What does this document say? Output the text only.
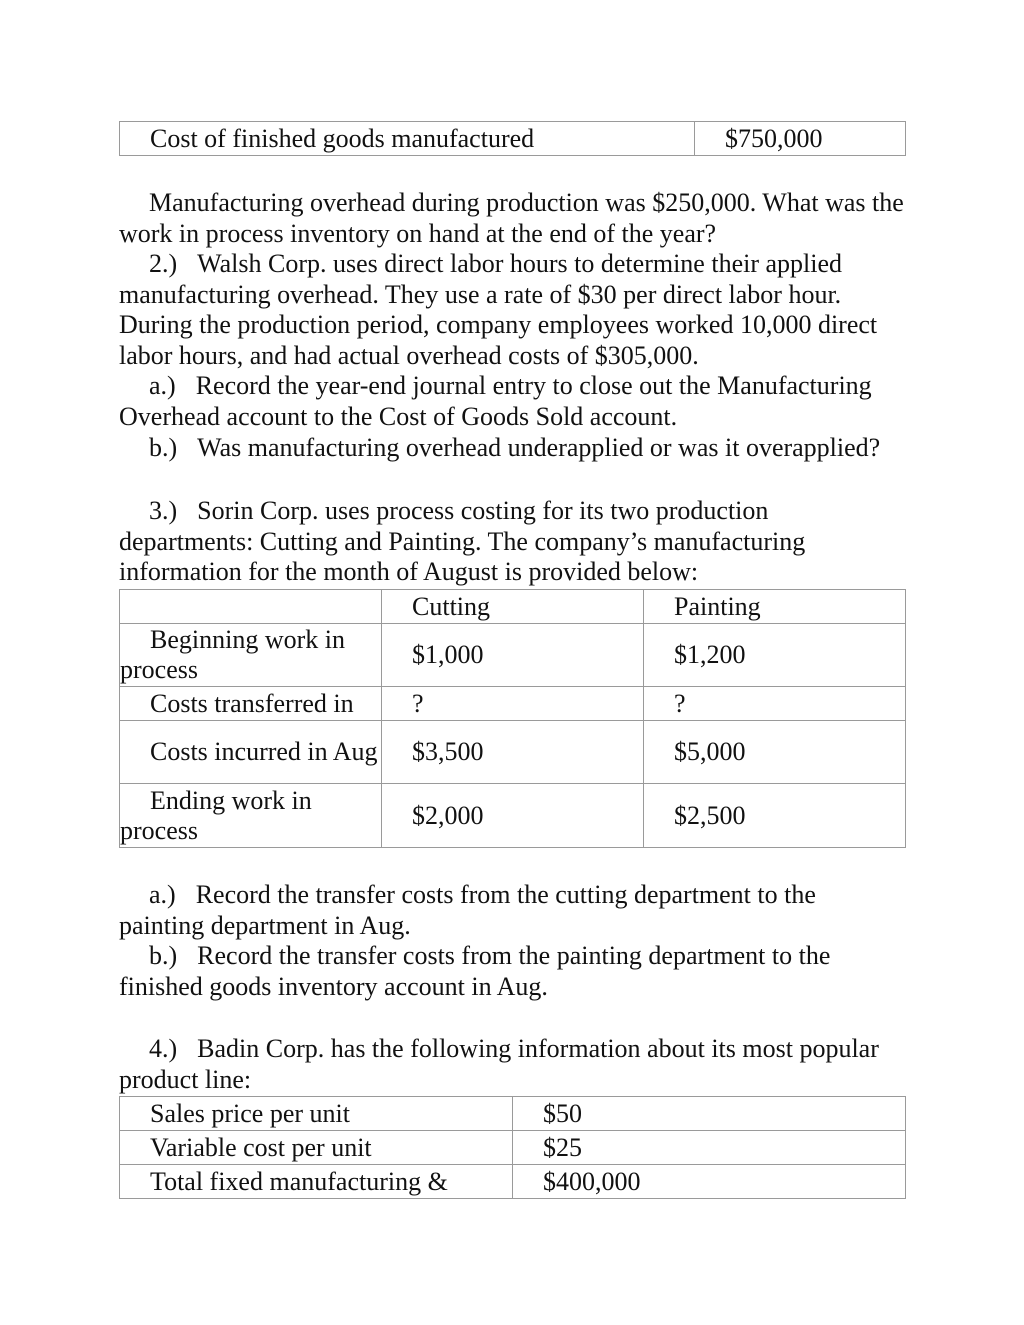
Cost of finished goods manufactured	$750,000

Manufacturing overhead during production was $250,000. What was the work in process inventory on hand at the end of the year?

2.) Walsh Corp. uses direct labor hours to determine their applied manufacturing overhead. They use a rate of $30 per direct labor hour. During the production period, company employees worked 10,000 direct labor hours, and had actual overhead costs of $305,000.

a.) Record the year-end journal entry to close out the Manufacturing Overhead account to the Cost of Goods Sold account.

b.) Was manufacturing overhead underapplied or was it overapplied?

3.) Sorin Corp. uses process costing for its two production departments: Cutting and Painting. The company’s manufacturing information for the month of August is provided below:

	Cutting	Painting
Beginning work in process	$1,000	$1,200
Costs transferred in	?	?
Costs incurred in Aug	$3,500	$5,000
Ending work in process	$2,000	$2,500

a.) Record the transfer costs from the cutting department to the painting department in Aug.

b.) Record the transfer costs from the painting department to the finished goods inventory account in Aug.

4.) Badin Corp. has the following information about its most popular product line:

Sales price per unit	$50
Variable cost per unit	$25
Total fixed manufacturing &	$400,000
